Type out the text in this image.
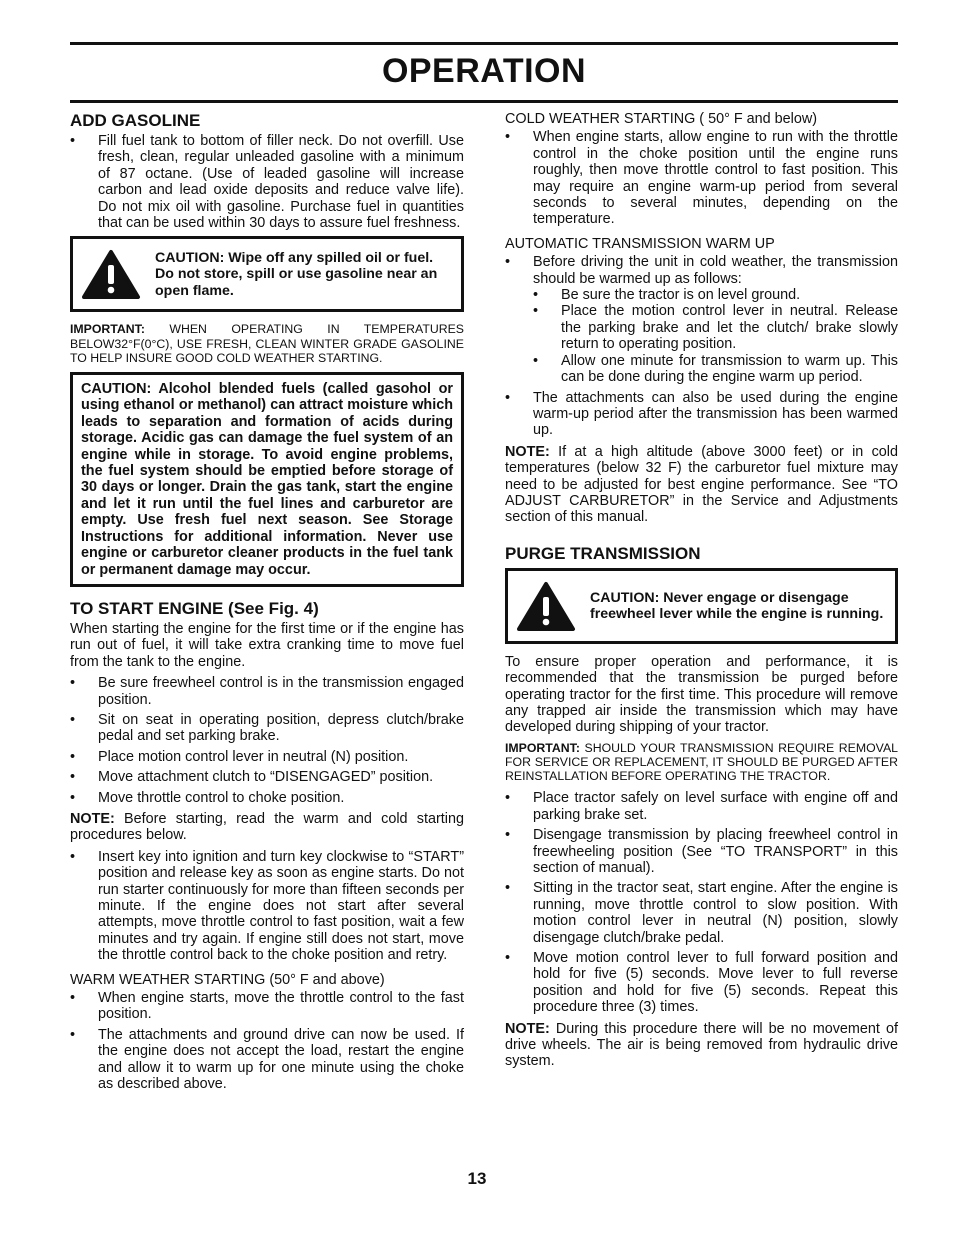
OPERATION
ADD GASOLINE
• Fill fuel tank to bottom of filler neck. Do not overfill. Use fresh, clean, regular unleaded gasoline with a minimum of 87 octane. (Use of leaded gasoline will increase carbon and lead oxide deposits and reduce valve life). Do not mix oil with gasoline. Purchase fuel in quantities that can be used within 30 days to assure fuel freshness.
CAUTION: Wipe off any spilled oil or fuel. Do not store, spill or use gasoline near an open flame.

IMPORTANT: WHEN OPERATING IN TEMPERATURES BELOW32°F(0°C), USE FRESH, CLEAN WINTER GRADE GASOLINE TO HELP INSURE GOOD COLD WEATHER STARTING.

CAUTION: Alcohol blended fuels (called gasohol or using ethanol or methanol) can attract moisture which leads to separation and formation of acids during storage. Acidic gas can damage the fuel system of an engine while in storage. To avoid engine problems, the fuel system should be emptied before storage of 30 days or longer. Drain the gas tank, start the engine and let it run until the fuel lines and carburetor are empty. Use fresh fuel next season. See Storage Instructions for additional information. Never use engine or carburetor cleaner products in the fuel tank or permanent damage may occur.
TO START ENGINE (See Fig. 4)

When starting the engine for the first time or if the engine has run out of fuel, it will take extra cranking time to move fuel from the tank to the engine.

• Be sure freewheel control is in the transmission engaged position.
• Sit on seat in operating position, depress clutch/brake pedal and set parking brake.
• Place motion control lever in neutral (N) position.
• Move attachment clutch to “DISENGAGED” position.
• Move throttle control to choke position.

NOTE: Before starting, read the warm and cold starting procedures below.

• Insert key into ignition and turn key clockwise to “START” position and release key as soon as engine starts. Do not run starter continuously for more than fifteen seconds per minute. If the engine does not start after several attempts, move throttle control to fast position, wait a few minutes and try again. If engine still does not start, move the throttle control back to the choke position and retry.

WARM WEATHER STARTING (50° F and above)

• When engine starts, move the throttle control to the fast position.
• The attachments and ground drive can now be used. If the engine does not accept the load, restart the engine and allow it to warm up for one minute using the choke as described above.

COLD WEATHER STARTING ( 50° F and below)

• When engine starts, allow engine to run with the throttle control in the choke position until the engine runs roughly, then move throttle control to fast position. This may require an engine warm-up period from several seconds to several minutes, depending on the temperature.

AUTOMATIC TRANSMISSION WARM UP

• Before driving the unit in cold weather, the transmission should be warmed up as follows:
• Be sure the tractor is on level ground.
• Place the motion control lever in neutral. Release the parking brake and let the clutch/ brake slowly return to operating position.
• Allow one minute for transmission to warm up. This can be done during the engine warm up period.
• The attachments can also be used during the engine warm-up period after the transmission has been warmed up.

NOTE: If at a high altitude (above 3000 feet) or in cold temperatures (below 32 F) the carburetor fuel mixture may need to be adjusted for best engine performance. See “TO ADJUST CARBURETOR” in the Service and Adjustments section of this manual.

PURGE TRANSMISSION
CAUTION: Never engage or disengage freewheel lever while the engine is running.

To ensure proper operation and performance, it is recommended that the transmission be purged before operating tractor for the first time. This procedure will remove any trapped air inside the transmission which may have developed during shipping of your tractor.

IMPORTANT: SHOULD YOUR TRANSMISSION REQUIRE REMOVAL FOR SERVICE OR REPLACEMENT, IT SHOULD BE PURGED AFTER REINSTALLATION BEFORE OPERATING THE TRACTOR.

• Place tractor safely on level surface with engine off and parking brake set.
• Disengage transmission by placing freewheel control in freewheeling position (See “TO TRANSPORT” in this section of manual).
• Sitting in the tractor seat, start engine. After the engine is running, move throttle control to slow position. With motion control lever in neutral (N) position, slowly disengage clutch/brake pedal.
• Move motion control lever to full forward position and hold for five (5) seconds. Move lever to full reverse position and hold for five (5) seconds. Repeat this procedure three (3) times.

NOTE: During this procedure there will be no movement of drive wheels. The air is being removed from hydraulic drive system.

13
